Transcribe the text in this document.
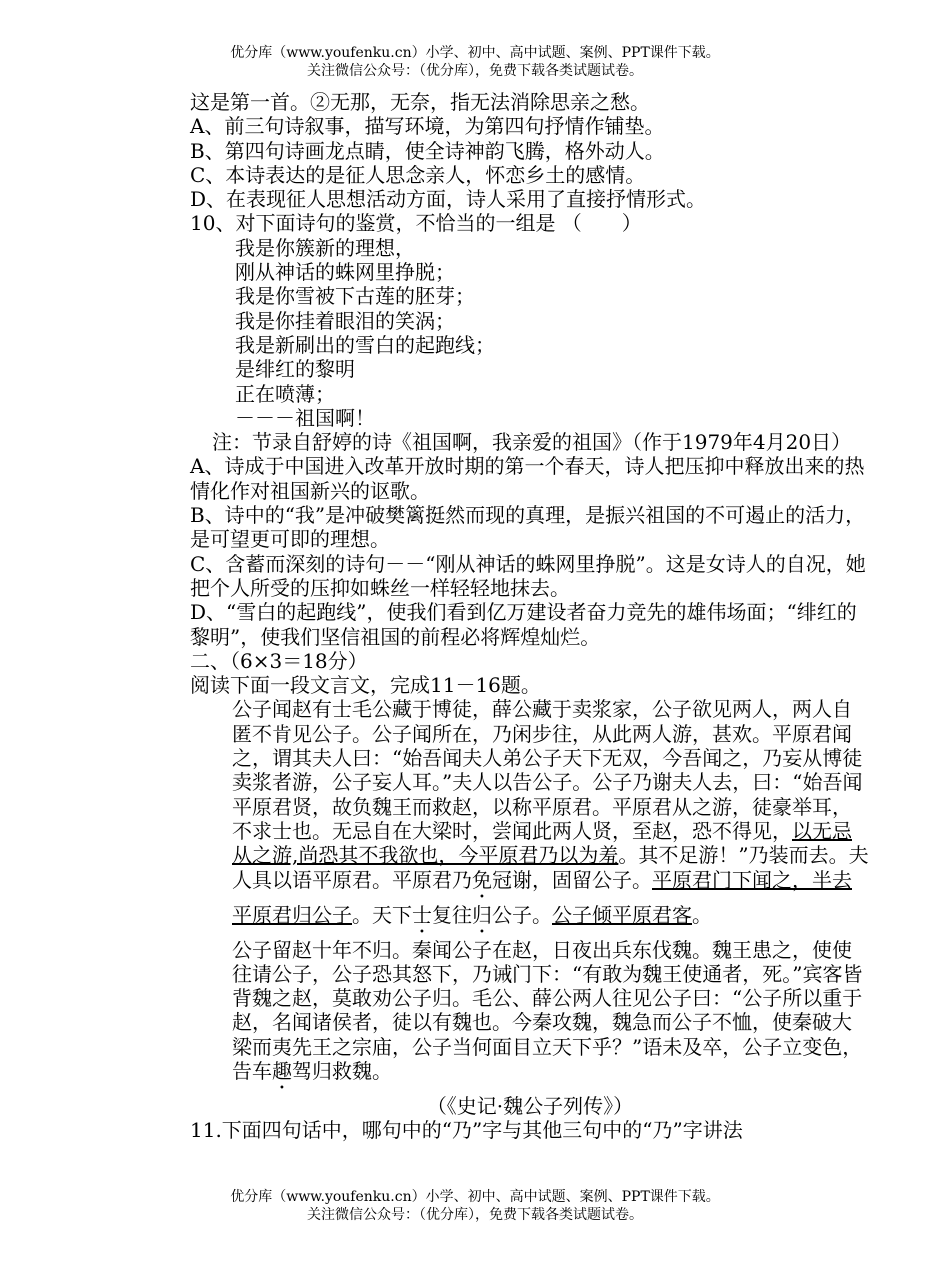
优分库（www.youfenku.cn）小学、初中、高中试题、案例、PPT课件下载。
关注微信公众号：（优分库），免费下载各类试题试卷。

这是第一首。②无那，无奈，指无法消除思亲之愁。

A、前三句诗叙事，描写环境，为第四句抒情作铺垫。

B、第四句诗画龙点睛，使全诗神韵飞腾，格外动人。

C、本诗表达的是征人思念亲人，怀恋乡土的感情。

D、在表现征人思想活动方面，诗人采用了直接抒情形式。

10、对下面诗句的鉴赏，不恰当的一组是 （　　）

我是你簇新的理想，

刚从神话的蛛网里挣脱；

我是你雪被下古莲的胚芽；

我是你挂着眼泪的笑涡；

我是新刷出的雪白的起跑线；

是绯红的黎明

正在喷薄；

－－－祖国啊！

注：节录自舒婷的诗《祖国啊，我亲爱的祖国》（作于1979年4月20日）

A、诗成于中国进入改革开放时期的第一个春天，诗人把压抑中释放出来的热情化作对祖国新兴的讴歌。

B、诗中的“我”是冲破樊篱挺然而现的真理，是振兴祖国的不可遏止的活力，是可望更可即的理想。

C、含蓄而深刻的诗句－－“刚从神话的蛛网里挣脱”。这是女诗人的自况，她把个人所受的压抑如蛛丝一样轻轻地抹去。

D、“雪白的起跑线”，使我们看到亿万建设者奋力竞先的雄伟场面；“绯红的黎明”，使我们坚信祖国的前程必将辉煌灿烂。

二、（6×3＝18分）

阅读下面一段文言文，完成11－16题。

公子闻赵有士毛公藏于博徒，薛公藏于卖浆家，公子欲见两人，两人自匿不肯见公子。公子闻所在，乃闲步往，从此两人游，甚欢。平原君闻之，谓其夫人曰：“始吾闻夫人弟公子天下无双，今吾闻之，乃妄从博徒卖浆者游，公子妄人耳。”夫人以告公子。公子乃谢夫人去，曰：“始吾闻平原君贤，故负魏王而救赵，以称平原君。平原君从之游，徒豪举耳，不求士也。无忌自在大梁时，尝闻此两人贤，至赵，恐不得见，以无忌从之游,尚恐其不我欲也，今平原君乃以为羞。其不足游！”乃装而去。夫人具以语平原君。平原君乃免冠谢，固留公子。平原君门下闻之，半去平原君归公子。天下士复往归公子。公子倾平原君客。

公子留赵十年不归。秦闻公子在赵，日夜出兵东伐魏。魏王患之，使使往请公子，公子恐其怒下，乃诫门下：“有敢为魏王使通者，死。”宾客皆背魏之赵，莫敢劝公子归。毛公、薛公两人往见公子曰：“公子所以重于赵，名闻诸侯者，徒以有魏也。今秦攻魏，魏急而公子不恤，使秦破大梁而夷先王之宗庙，公子当何面目立天下乎？”语未及卒，公子立变色，告车趣驾归救魏。

（《史记·魏公子列传》）

11.下面四句话中，哪句中的“乃”字与其他三句中的“乃”字讲法

优分库（www.youfenku.cn）小学、初中、高中试题、案例、PPT课件下载。
关注微信公众号：（优分库），免费下载各类试题试卷。
